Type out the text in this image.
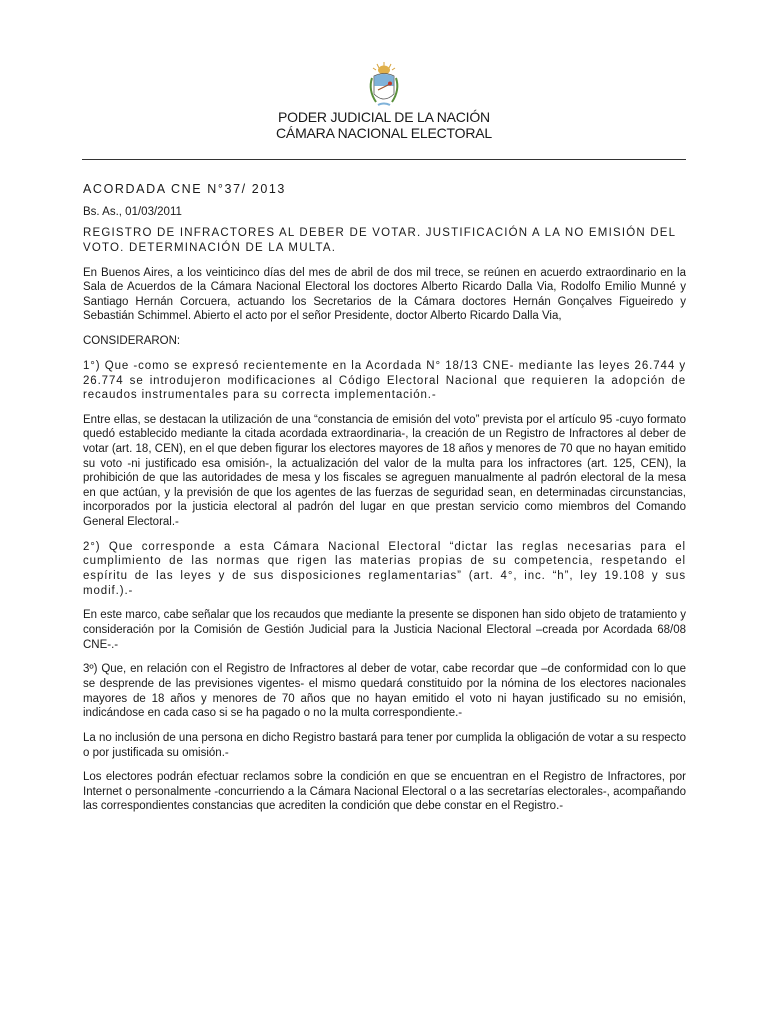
PODER JUDICIAL DE LA NACIÓN
CÁMARA NACIONAL ELECTORAL

ACORDADA CNE N°37/ 2013

Bs. As., 01/03/2011

REGISTRO DE INFRACTORES AL DEBER DE VOTAR. JUSTIFICACIÓN A LA NO EMISIÓN DEL VOTO. DETERMINACIÓN DE LA MULTA.

En Buenos Aires, a los veinticinco días del mes de abril de dos mil trece, se reúnen en acuerdo extraordinario en la Sala de Acuerdos de la Cámara Nacional Electoral los doctores Alberto Ricardo Dalla Via, Rodolfo Emilio Munné y Santiago Hernán Corcuera, actuando los Secretarios de la Cámara doctores Hernán Gonçalves Figueiredo y Sebastián Schimmel. Abierto el acto por el señor Presidente, doctor Alberto Ricardo Dalla Via,

CONSIDERARON:

1°) Que -como se expresó recientemente en la Acordada N° 18/13 CNE- mediante las leyes 26.744 y 26.774 se introdujeron modificaciones al Código Electoral Nacional que requieren la adopción de recaudos instrumentales para su correcta implementación.-

Entre ellas, se destacan la utilización de una “constancia de emisión del voto” prevista por el artículo 95 -cuyo formato quedó establecido mediante la citada acordada extraordinaria-, la creación de un Registro de Infractores al deber de votar (art. 18, CEN), en el que deben figurar los electores mayores de 18 años y menores de 70 que no hayan emitido su voto -ni justificado esa omisión-, la actualización del valor de la multa para los infractores (art. 125, CEN), la prohibición de que las autoridades de mesa y los fiscales se agreguen manualmente al padrón electoral de la mesa en que actúan, y la previsión de que los agentes de las fuerzas de seguridad sean, en determinadas circunstancias, incorporados por la justicia electoral al padrón del lugar en que prestan servicio como miembros del Comando General Electoral.-

2°) Que corresponde a esta Cámara Nacional Electoral “dictar las reglas necesarias para el cumplimiento de las normas que rigen las materias propias de su competencia, respetando el espíritu de las leyes y de sus disposiciones reglamentarias” (art. 4°, inc. “h”, ley 19.108 y sus modif.).-

En este marco, cabe señalar que los recaudos que mediante la presente se disponen han sido objeto de tratamiento y consideración por la Comisión de Gestión Judicial para la Justicia Nacional Electoral –creada por Acordada 68/08 CNE-.-

3º) Que, en relación con el Registro de Infractores al deber de votar, cabe recordar que –de conformidad con lo que se desprende de las previsiones vigentes- el mismo quedará constituido por la nómina de los electores nacionales mayores de 18 años y menores de 70 años que no hayan emitido el voto ni hayan justificado su no emisión, indicándose en cada caso si se ha pagado o no la multa correspondiente.-

La no inclusión de una persona en dicho Registro bastará para tener por cumplida la obligación de votar a su respecto o por justificada su omisión.-

Los electores podrán efectuar reclamos sobre la condición en que se encuentran en el Registro de Infractores, por Internet o personalmente -concurriendo a la Cámara Nacional Electoral o a las secretarías electorales-, acompañando las correspondientes constancias que acrediten la condición que debe constar en el Registro.-
